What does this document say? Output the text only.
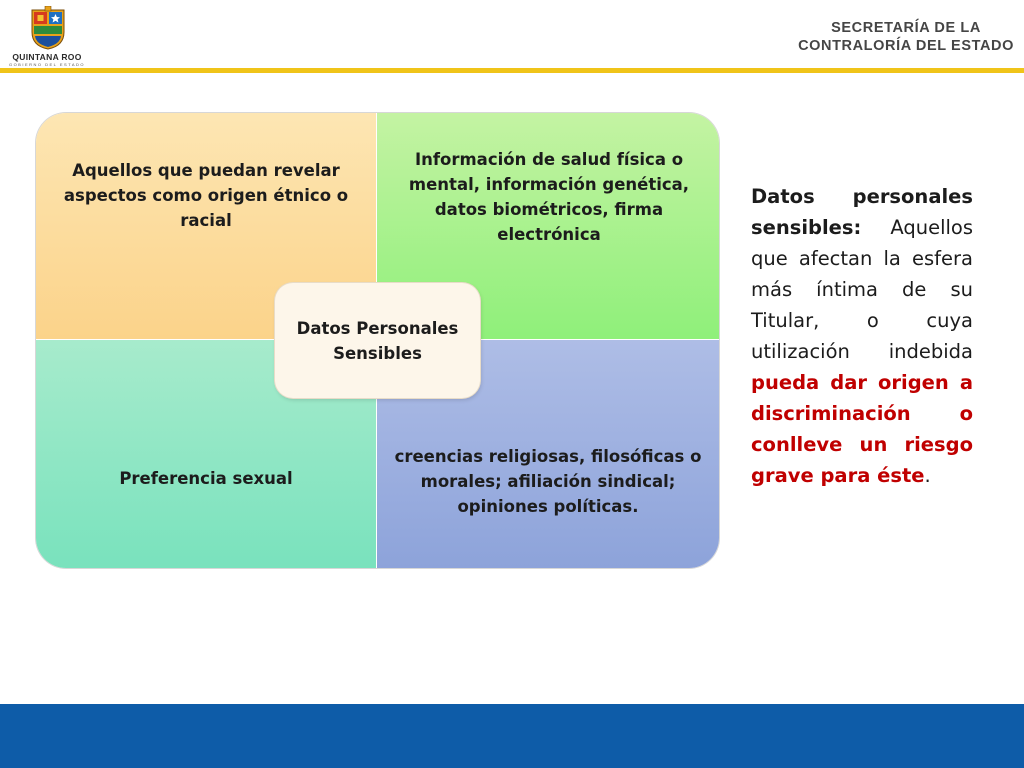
QUINTANA ROO
GOBIERNO DEL ESTADO
SECRETARÍA DE LA
CONTRALORÍA DEL ESTADO
Aquellos que puedan revelar aspectos como origen étnico o racial
Información de salud física o mental, información genética, datos biométricos, firma electrónica
Preferencia sexual
creencias religiosas, filosóficas o morales; afiliación sindical; opiniones políticas.
Datos Personales Sensibles
Datos personales sensibles: Aquellos que afectan la esfera más íntima de su Titular, o cuya utilización indebida pueda dar origen a discriminación o conlleve un riesgo grave para éste.
